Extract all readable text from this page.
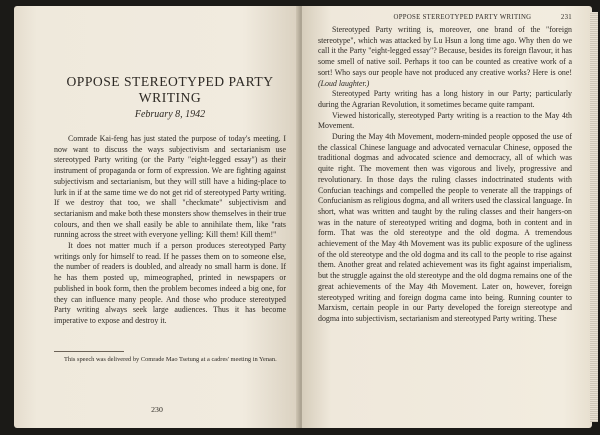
OPPOSE STEREOTYPED PARTY WRITING
February 8, 1942

Comrade Kai-feng has just stated the purpose of today's meeting. I now want to discuss the ways subjectivism and sectarianism use stereotyped Party writing (or the Party "eight-legged essay") as their instrument of propaganda or form of expression. We are fighting against subjectivism and sectarianism, but they will still have a hiding-place to lurk in if at the same time we do not get rid of stereotyped Party writing. If we destroy that too, we shall "checkmate" subjectivism and sectarianism and make both these monsters show themselves in their true colours, and then we shall easily be able to annihilate them, like "rats running across the street with everyone yelling: Kill them! Kill them!"

It does not matter much if a person produces stereotyped Party writings only for himself to read. If he passes them on to someone else, the number of readers is doubled, and already no small harm is done. If he has them posted up, mimeographed, printed in newspapers or published in book form, then the problem becomes indeed a big one, for they can influence many people. And those who produce stereotyped Party writing always seek large audiences. Thus it has become imperative to expose and destroy it.

This speech was delivered by Comrade Mao Tsetung at a cadres' meeting in Yenan.
230
OPPOSE STEREOTYPED PARTY WRITING	231

Stereotyped Party writing is, moreover, one brand of the "foreign stereotype", which was attacked by Lu Hsun a long time ago. Why then do we call it the Party "eight-legged essay"? Because, besides its foreign flavour, it has some smell of native soil. Perhaps it too can be counted as creative work of a sort! Who says our people have not produced any creative works? Here is one! (Loud laughter.)

Stereotyped Party writing has a long history in our Party; particularly during the Agrarian Revolution, it sometimes became quite rampant.

Viewed historically, stereotyped Party writing is a reaction to the May 4th Movement.

During the May 4th Movement, modern-minded people opposed the use of the classical Chinese language and advocated vernacular Chinese, opposed the traditional dogmas and advocated science and democracy, all of which was quite right. The movement then was vigorous and lively, progressive and revolutionary. In those days the ruling classes indoctrinated students with Confucian teachings and compelled the people to venerate all the trappings of Confucianism as religious dogma, and all writers used the classical language. In short, what was written and taught by the ruling classes and their hangers-on was in the nature of stereotyped writing and dogma, both in content and in form. That was the old stereotype and the old dogma. A tremendous achievement of the May 4th Movement was its public exposure of the ugliness of the old stereotype and the old dogma and its call to the people to rise against them. Another great and related achievement was its fight against imperialism, but the struggle against the old stereotype and the old dogma remains one of the great achievements of the May 4th Movement. Later on, however, foreign stereotyped writing and foreign dogma came into being. Running counter to Marxism, certain people in our Party developed the foreign stereotype and dogma into subjectivism, sectarianism and stereotyped Party writing. These
